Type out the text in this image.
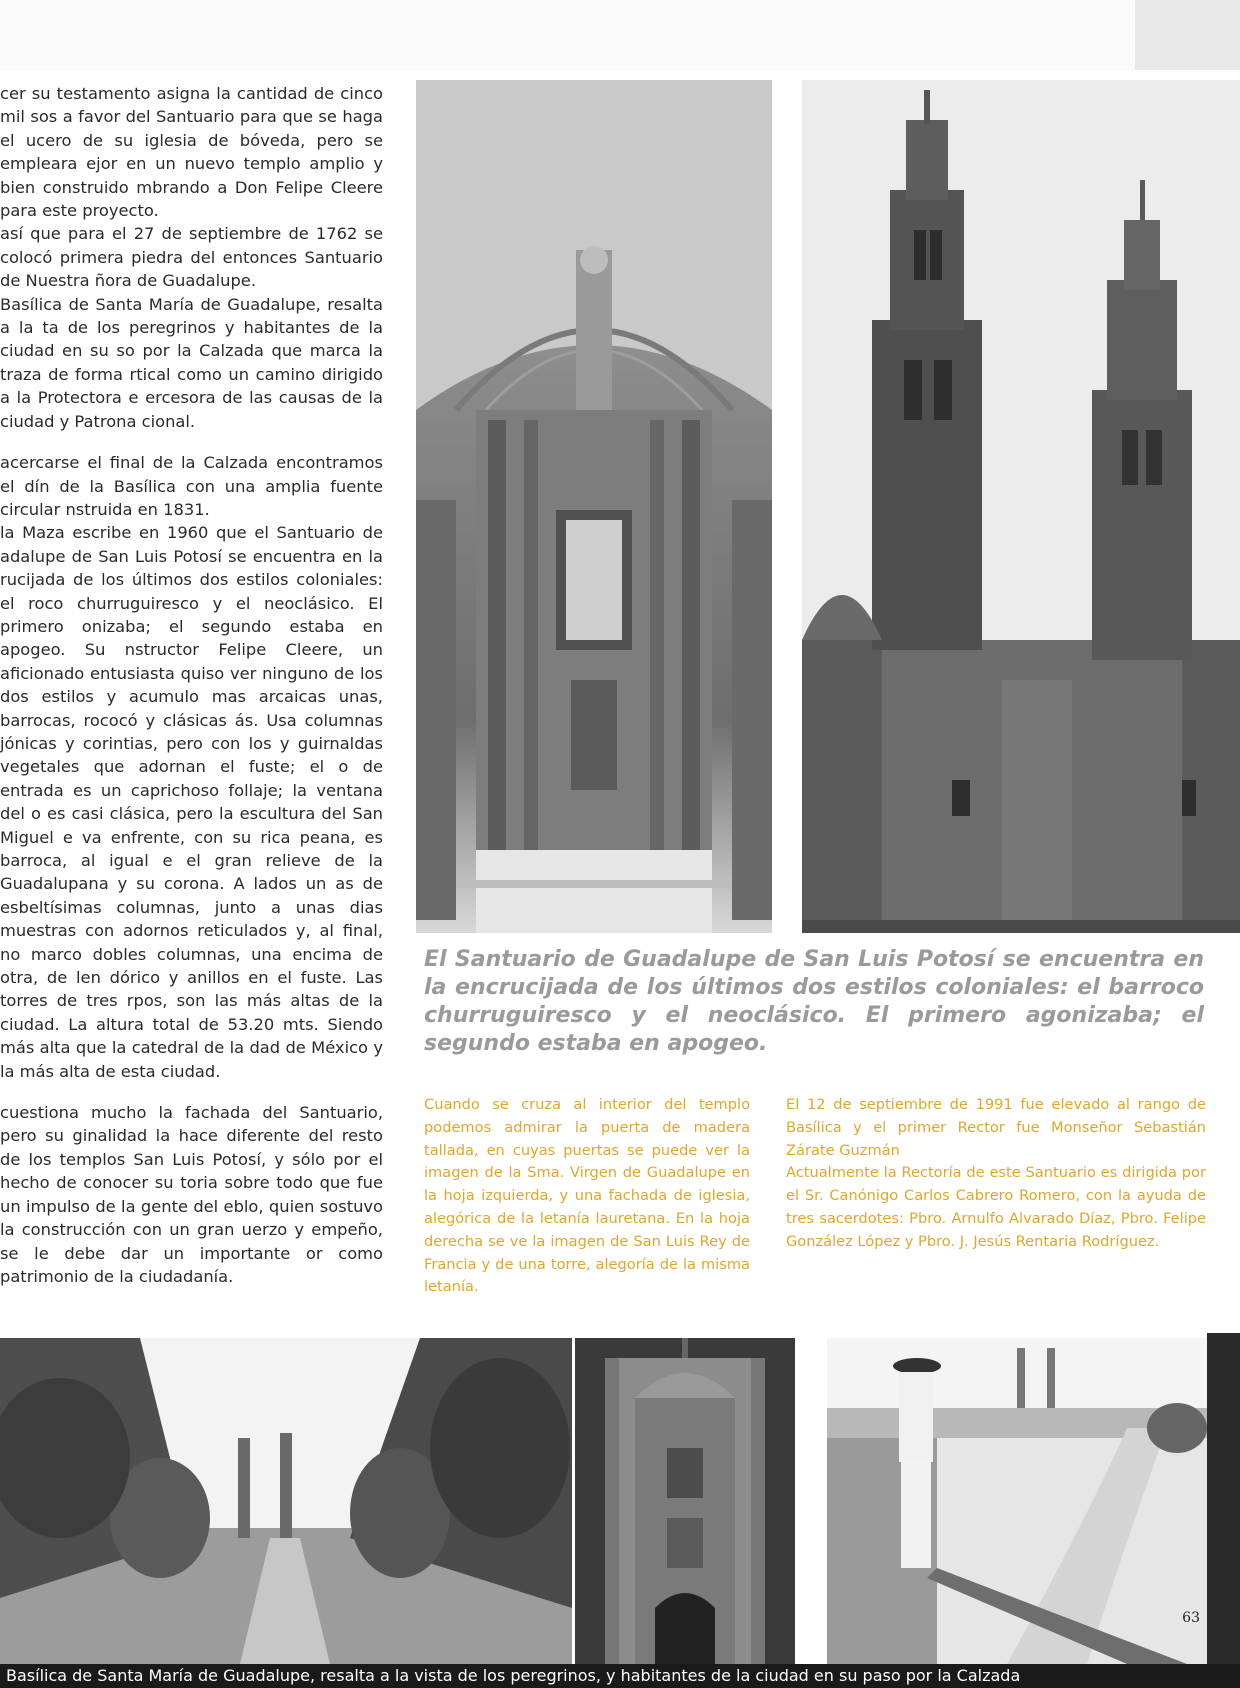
cer su testamento asigna la cantidad de cinco mil sos a favor del Santuario para que se haga el ucero de su iglesia de bóveda, pero se empleara ejor en un nuevo templo amplio y bien construido mbrando a Don Felipe Cleere para este proyecto.

así que para el 27 de septiembre de 1762 se colocó primera piedra del entonces Santuario de Nuestra ñora de Guadalupe.

Basílica de Santa María de Guadalupe, resalta a la ta de los peregrinos y habitantes de la ciudad en su so por la Calzada que marca la traza de forma rtical como un camino dirigido a la Protectora e ercesora de las causas de la ciudad y Patrona cional.

acercarse el final de la Calzada encontramos el dín de la Basílica con una amplia fuente circular nstruida en 1831.

la Maza escribe en 1960 que el Santuario de adalupe de San Luis Potosí se encuentra en la rucijada de los últimos dos estilos coloniales: el roco churruguiresco y el neoclásico. El primero onizaba; el segundo estaba en apogeo. Su nstructor Felipe Cleere, un aficionado entusiasta quiso ver ninguno de los dos estilos y acumulo mas arcaicas unas, barrocas, rococó y clásicas ás. Usa columnas jónicas y corintias, pero con los y guirnaldas vegetales que adornan el fuste; el o de entrada es un caprichoso follaje; la ventana del o es casi clásica, pero la escultura del San Miguel e va enfrente, con su rica peana, es barroca, al igual e el gran relieve de la Guadalupana y su corona. A lados un as de esbeltísimas columnas, junto a unas dias muestras con adornos reticulados y, al final, no marco dobles columnas, una encima de otra, de len dórico y anillos en el fuste. Las torres de tres rpos, son las más altas de la ciudad. La altura total de 53.20 mts. Siendo más alta que la catedral de la dad de México y la más alta de esta ciudad.

cuestiona mucho la fachada del Santuario, pero su ginalidad la hace diferente del resto de los templos San Luis Potosí, y sólo por el hecho de conocer su toria sobre todo que fue un impulso de la gente del eblo, quien sostuvo la construcción con un gran uerzo y empeño, se le debe dar un importante or como patrimonio de la ciudadanía.

El Santuario de Guadalupe de San Luis Potosí se encuentra en la encrucijada de los últimos dos estilos coloniales: el barroco churruguiresco y el neoclásico. El primero agonizaba; el segundo estaba en apogeo.

Cuando se cruza al interior del templo podemos admirar la puerta de madera tallada, en cuyas puertas se puede ver la imagen de la Sma. Virgen de Guadalupe en la hoja izquierda, y una fachada de iglesia, alegórica de la letanía lauretana. En la hoja derecha se ve la imagen de San Luis Rey de Francia y de una torre, alegoría de la misma letanía.

El 12 de septiembre de 1991 fue elevado al rango de Basílica y el primer Rector fue Monseñor Sebastián Zárate Guzmán

Actualmente la Rectoría de este Santuario es dirigida por el Sr. Canónigo Carlos Cabrero Romero, con la ayuda de tres sacerdotes: Pbro. Arnulfo Alvarado Díaz, Pbro. Felipe González López y Pbro. J. Jesús Rentaria Rodríguez.

63
Basílica de Santa María de Guadalupe, resalta a la vista de los peregrinos, y habitantes de la ciudad en su paso por la Calzada
